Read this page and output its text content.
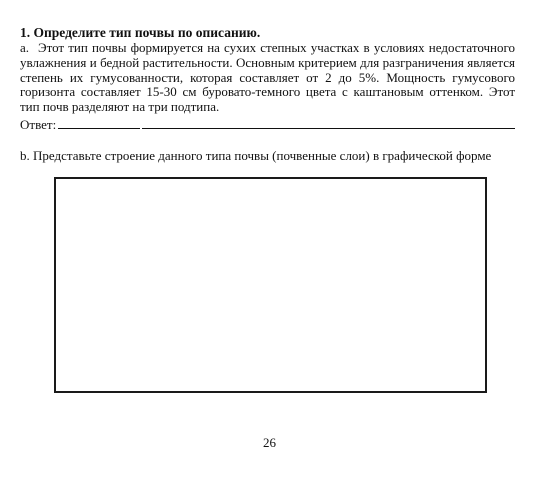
1. Определите тип почвы по описанию.
a. Этот тип почвы формируется на сухих степных участках в условиях недостаточного увлажнения и бедной растительности. Основным критерием для разграничения является степень их гумусованности, которая составляет от 2 до 5%. Мощность гумусового горизонта составляет 15-30 см буровато-темного цвета с каштановым оттенком. Этот тип почв разделяют на три подтипа.
Ответ:
b. Представьте строение данного типа почвы (почвенные слои) в графической форме
26
